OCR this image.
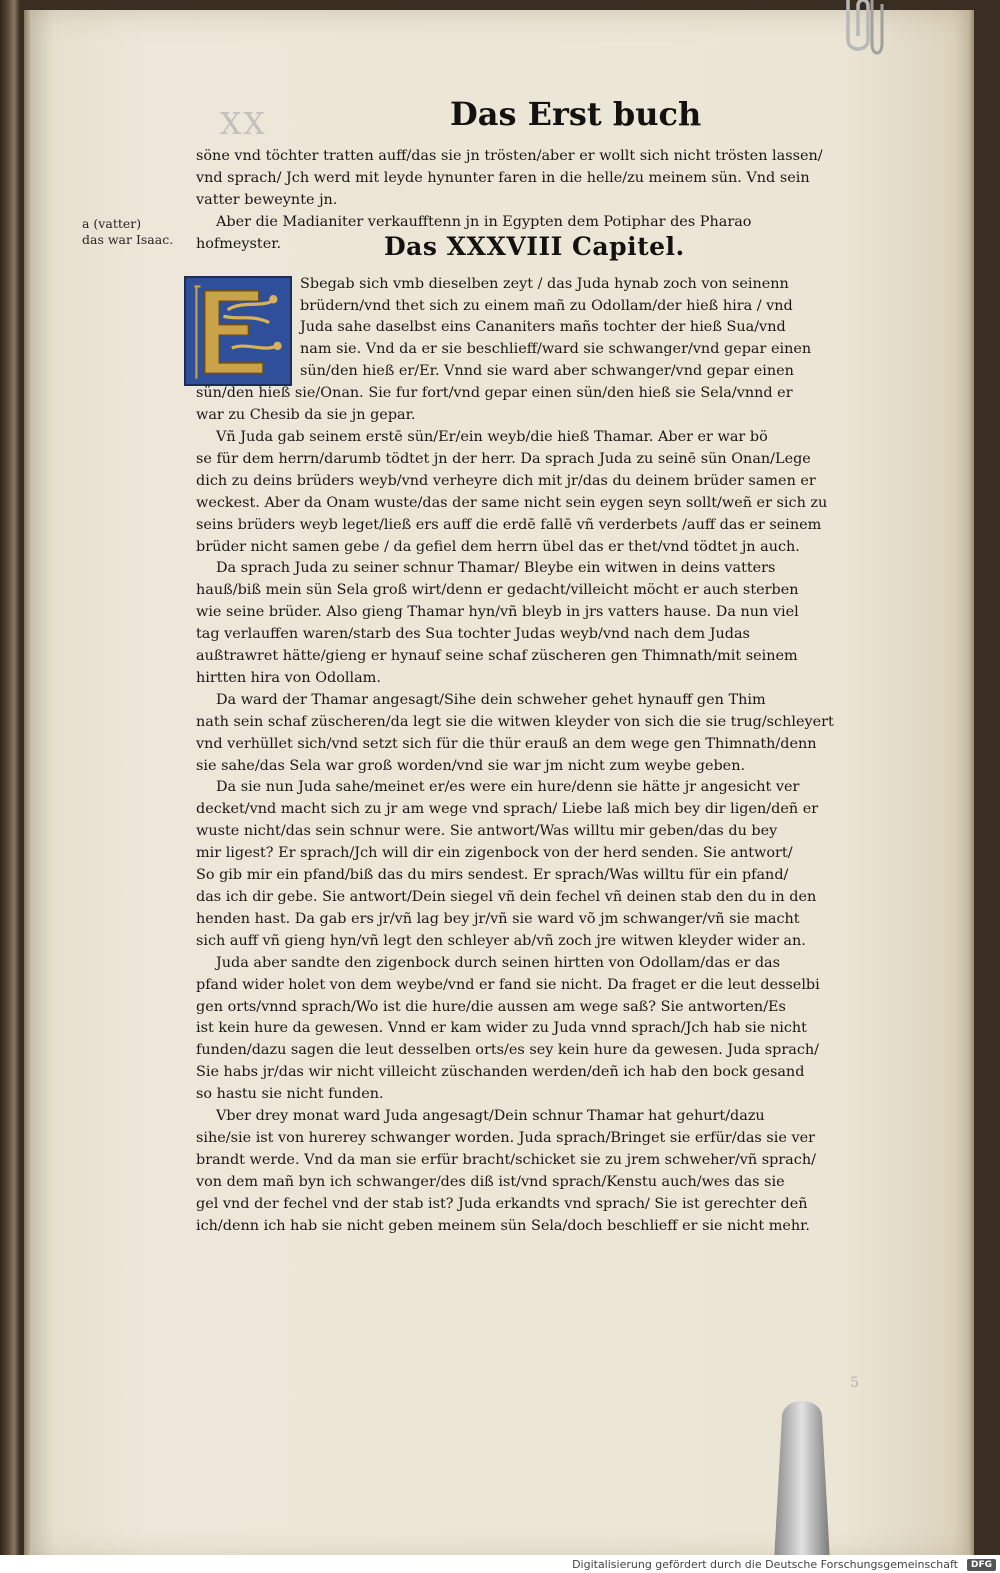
XX	Das Erst buch
a (vatter)
das war Isaac.
söne vnd töchter tratten auff/das sie jn trösten/aber er wollt sich nicht trösten lassen/
vnd sprach/ Jch werd mit leyde hynunter faren in die helle/zu meinem sün. Vnd sein
vatter beweynte jn.
Aber die Madianiter verkaufftenn jn in Egypten dem Potiphar des Pharao
hofmeyster.	Das XXXVIII Capitel.
Sbegab sich vmb dieselben zeyt / das Juda hynab zoch von seinenn
brüdern/vnd thet sich zu einem mañ zu Odollam/der hieß hira / vnd
Juda sahe daselbst eins Cananiters mañs tochter der hieß Sua/vnd
nam sie. Vnd da er sie beschlieff/ward sie schwanger/vnd gepar einen
sün/den hieß er/Er. Vnnd sie ward aber schwanger/vnd gepar einen
sün/den hieß sie/Onan. Sie fur fort/vnd gepar einen sün/den hieß sie Sela/vnnd er
war zu Chesib da sie jn gepar.
Vñ Juda gab seinem erstē sün/Er/ein weyb/die hieß Thamar. Aber er war bö
se für dem herrn/darumb tödtet jn der herr. Da sprach Juda zu seinē sün Onan/Lege
dich zu deins brüders weyb/vnd verheyre dich mit jr/das du deinem brüder samen er
weckest. Aber da Onam wuste/das der same nicht sein eygen seyn sollt/weñ er sich zu
seins brüders weyb leget/ließ ers auff die erdē fallē vñ verderbets /auff das er seinem
brüder nicht samen gebe / da gefiel dem herrn übel das er thet/vnd tödtet jn auch.
Da sprach Juda zu seiner schnur Thamar/ Bleybe ein witwen in deins vatters
hauß/biß mein sün Sela groß wirt/denn er gedacht/villeicht möcht er auch sterben
wie seine brüder. Also gieng Thamar hyn/vñ bleyb in jrs vatters hause. Da nun viel
tag verlauffen waren/starb des Sua tochter Judas weyb/vnd nach dem Judas
außtrawret hätte/gieng er hynauf seine schaf züscheren gen Thimnath/mit seinem
hirtten hira von Odollam.
Da ward der Thamar angesagt/Sihe dein schweher gehet hynauff gen Thim
nath sein schaf züscheren/da legt sie die witwen kleyder von sich die sie trug/schleyert
vnd verhüllet sich/vnd setzt sich für die thür erauß an dem wege gen Thimnath/denn
sie sahe/das Sela war groß worden/vnd sie war jm nicht zum weybe geben.
Da sie nun Juda sahe/meinet er/es were ein hure/denn sie hätte jr angesicht ver
decket/vnd macht sich zu jr am wege vnd sprach/ Liebe laß mich bey dir ligen/deñ er
wuste nicht/das sein schnur were. Sie antwort/Was willtu mir geben/das du bey
mir ligest? Er sprach/Jch will dir ein zigenbock von der herd senden. Sie antwort/
So gib mir ein pfand/biß das du mirs sendest. Er sprach/Was willtu für ein pfand/
das ich dir gebe. Sie antwort/Dein siegel vñ dein fechel vñ deinen stab den du in den
henden hast. Da gab ers jr/vñ lag bey jr/vñ sie ward võ jm schwanger/vñ sie macht
sich auff vñ gieng hyn/vñ legt den schleyer ab/vñ zoch jre witwen kleyder wider an.
Juda aber sandte den zigenbock durch seinen hirtten von Odollam/das er das
pfand wider holet von dem weybe/vnd er fand sie nicht. Da fraget er die leut desselbi
gen orts/vnnd sprach/Wo ist die hure/die aussen am wege saß? Sie antworten/Es
ist kein hure da gewesen. Vnnd er kam wider zu Juda vnnd sprach/Jch hab sie nicht
funden/dazu sagen die leut desselben orts/es sey kein hure da gewesen. Juda sprach/
Sie habs jr/das wir nicht villeicht züschanden werden/deñ ich hab den bock gesand
so hastu sie nicht funden.
Vber drey monat ward Juda angesagt/Dein schnur Thamar hat gehurt/dazu
sihe/sie ist von hurerey schwanger worden. Juda sprach/Bringet sie erfür/das sie ver
brandt werde. Vnd da man sie erfür bracht/schicket sie zu jrem schweher/vñ sprach/
von dem mañ byn ich schwanger/des diß ist/vnd sprach/Kenstu auch/wes das sie
gel vnd der fechel vnd der stab ist? Juda erkandts vnd sprach/ Sie ist gerechter deñ
ich/denn ich hab sie nicht geben meinem sün Sela/doch beschlieff er sie nicht mehr.
5
Digitalisierung gefördert durch die Deutsche Forschungsgemeinschaft	DFG
